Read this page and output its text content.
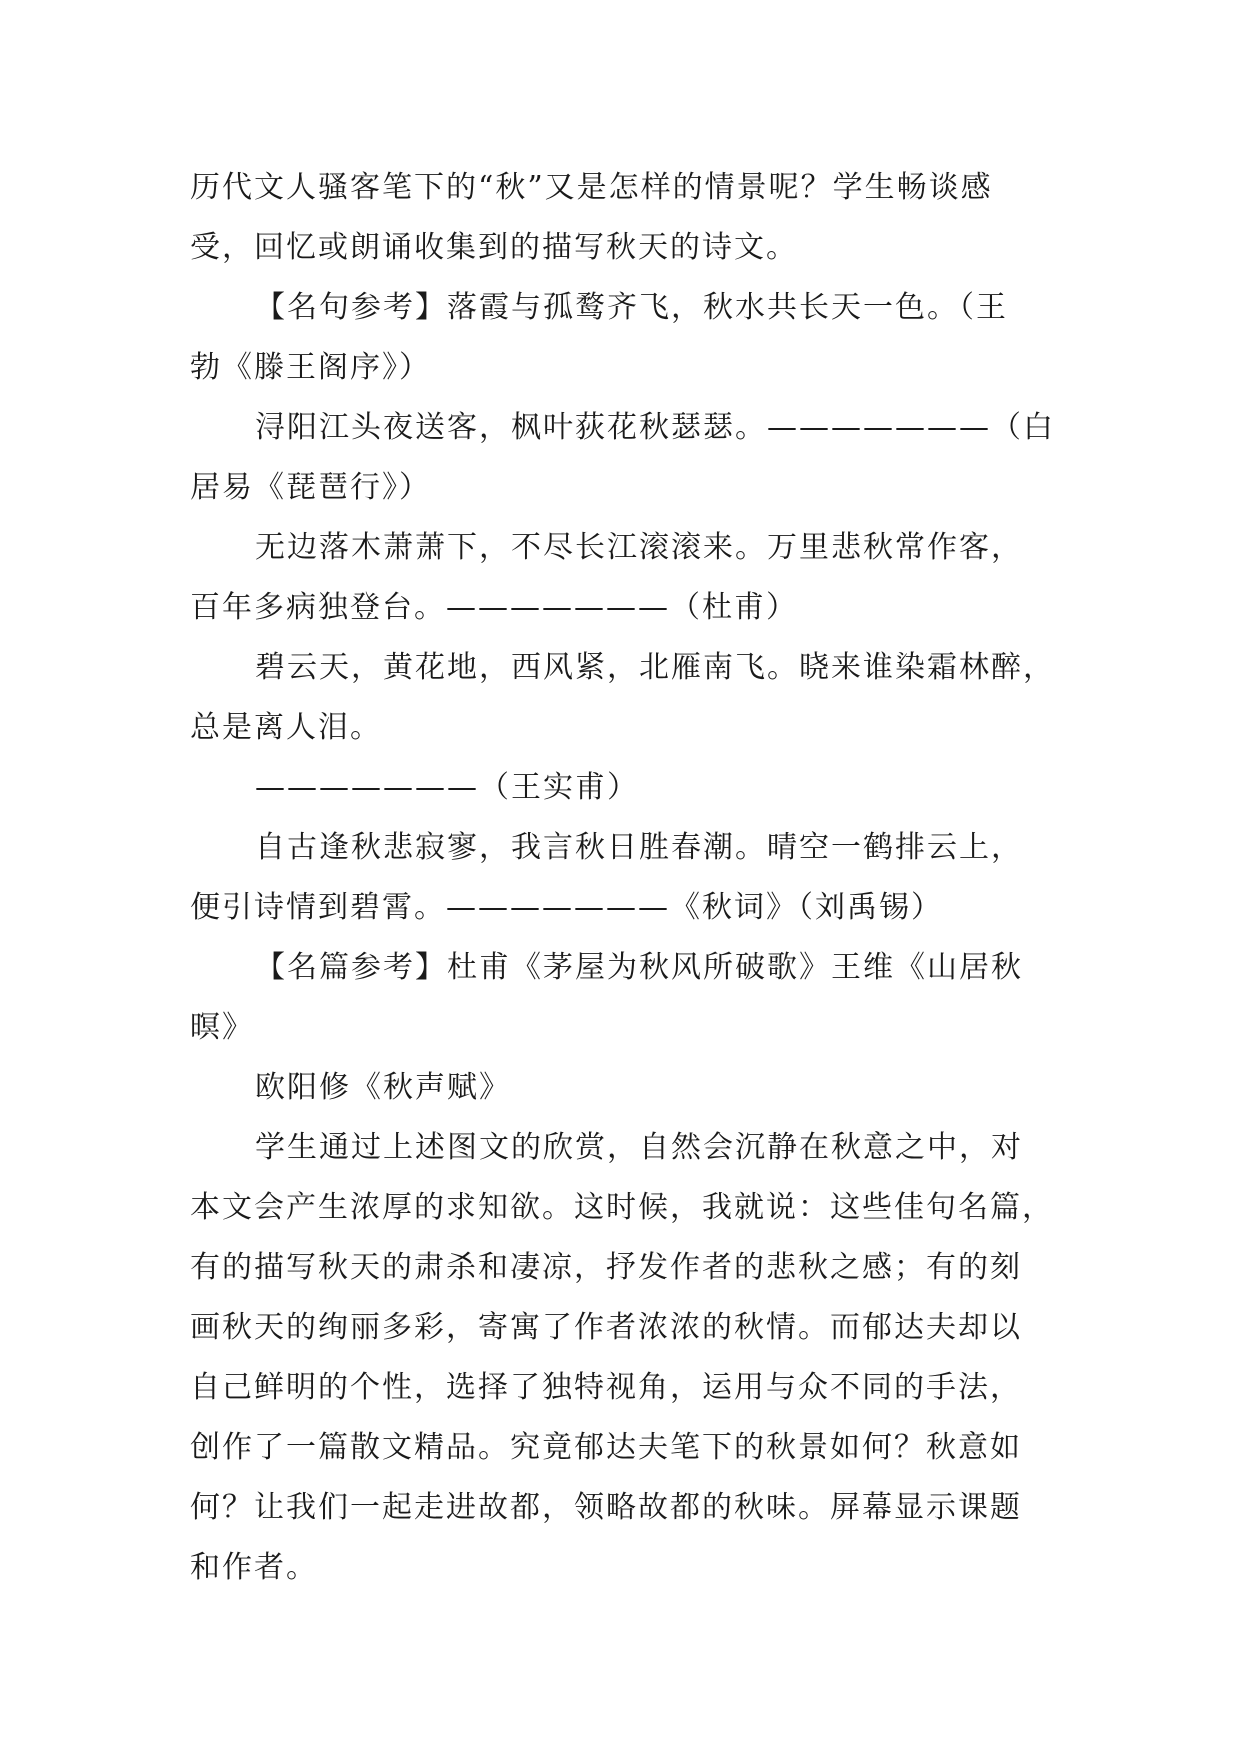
历代文人骚客笔下的“秋”又是怎样的情景呢？学生畅谈感
受，回忆或朗诵收集到的描写秋天的诗文。
【名句参考】落霞与孤鹜齐飞，秋水共长天一色。（王
勃《滕王阁序》）
浔阳江头夜送客，枫叶荻花秋瑟瑟。———————（白
居易《琵琶行》）
无边落木萧萧下，不尽长江滚滚来。万里悲秋常作客，
百年多病独登台。———————（杜甫）
碧云天，黄花地，西风紧，北雁南飞。晓来谁染霜林醉，
总是离人泪。
———————（王实甫）
自古逢秋悲寂寥，我言秋日胜春潮。晴空一鹤排云上，
便引诗情到碧霄。———————《秋词》（刘禹锡）
【名篇参考】杜甫《茅屋为秋风所破歌》王维《山居秋
暝》
欧阳修《秋声赋》
学生通过上述图文的欣赏，自然会沉静在秋意之中，对
本文会产生浓厚的求知欲。这时候，我就说：这些佳句名篇，
有的描写秋天的肃杀和凄凉，抒发作者的悲秋之感；有的刻
画秋天的绚丽多彩，寄寓了作者浓浓的秋情。而郁达夫却以
自己鲜明的个性，选择了独特视角，运用与众不同的手法，
创作了一篇散文精品。究竟郁达夫笔下的秋景如何？秋意如
何？让我们一起走进故都，领略故都的秋味。屏幕显示课题
和作者。
